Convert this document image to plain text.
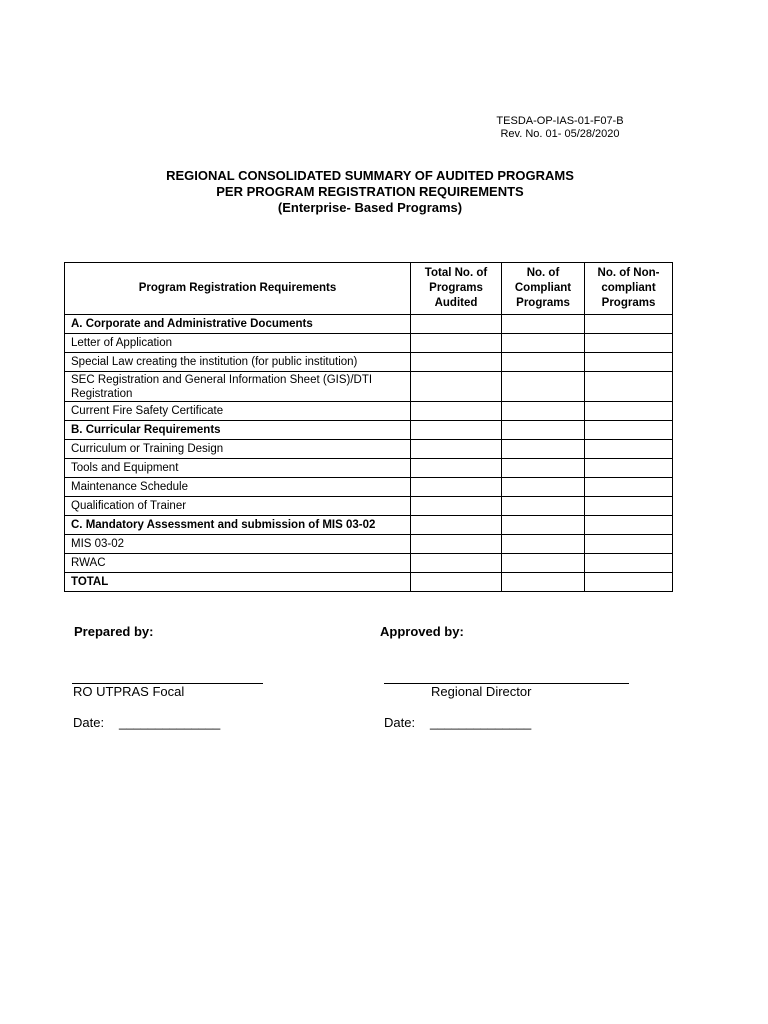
TESDA-OP-IAS-01-F07-B
Rev. No. 01- 05/28/2020
REGIONAL CONSOLIDATED SUMMARY OF AUDITED PROGRAMS
PER PROGRAM REGISTRATION REQUIREMENTS
(Enterprise- Based Programs)
Program Registration Requirements	Total No. of Programs Audited	No. of Compliant Programs	No. of Non-compliant Programs
A. Corporate and Administrative Documents			
Letter of Application			
Special Law creating the institution (for public institution)			
SEC Registration and General Information Sheet (GIS)/DTI Registration			
Current Fire Safety Certificate			
B. Curricular Requirements			
Curriculum or Training Design			
Tools and Equipment			
Maintenance Schedule			
Qualification of Trainer			
C. Mandatory Assessment and submission of MIS 03-02			
MIS 03-02			
RWAC			
TOTAL			
Prepared by:	Approved by:
RO UTPRAS Focal	Regional Director
Date: ______________	Date: ______________
